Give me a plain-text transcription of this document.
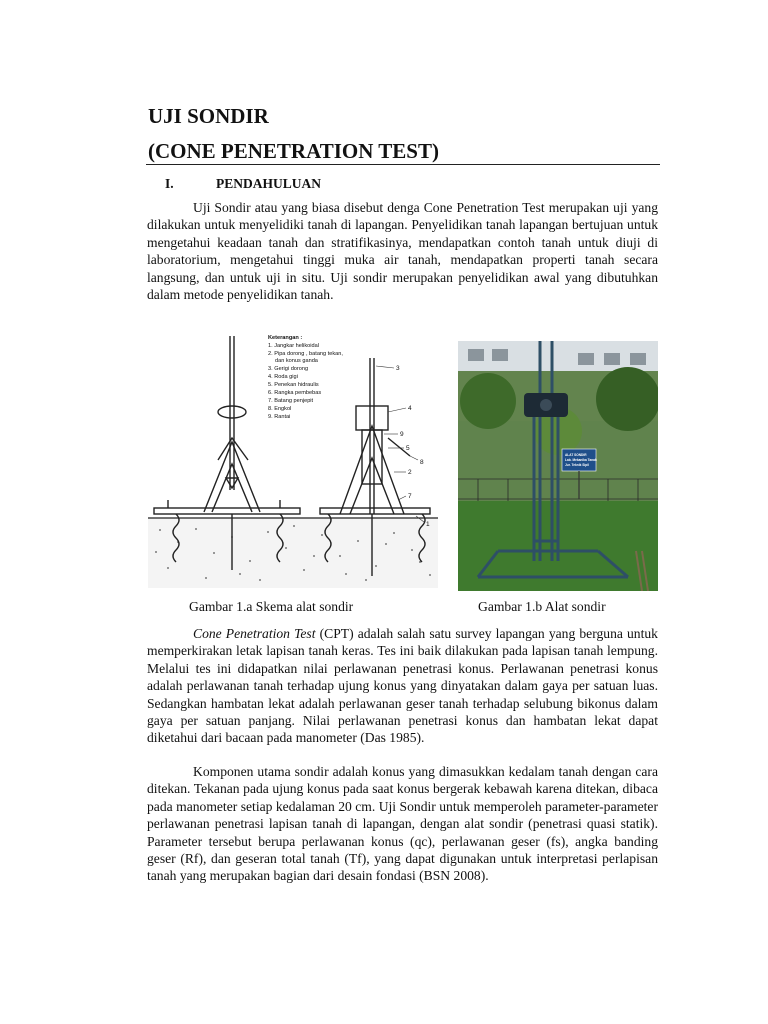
UJI SONDIR
(CONE PENETRATION TEST)
I.	PENDAHULUAN

Uji Sondir atau yang biasa disebut denga Cone Penetration Test merupakan uji yang dilakukan untuk menyelidiki tanah di lapangan. Penyelidikan tanah lapangan bertujuan untuk mengetahui keadaan tanah dan stratifikasinya, mendapatkan contoh tanah untuk diuji di laboratorium, mengetahui tinggi muka air tanah, mendapatkan properti tanah secara langsung, dan untuk uji in situ. Uji sondir merupakan penyelidikan awal yang dibutuhkan dalam metode penyelidikan tanah.

3
4
9
5
8
2
7
1
Keterangan :
1. Jangkar helikoidal
2. Pipa dorong , batang tekan,
dan konus ganda
3. Gerigi dorong
4. Roda gigi
5. Penekan hidraulis
6. Rangka pembebas
7. Batang penjepit
8. Engkol
9. Rantai
ALAT SONDIR
Lab. Mekanika Tanah
Jur. Teknik Sipil
Gambar 1.a Skema alat sondir	Gambar 1.b Alat sondir

Cone Penetration Test (CPT) adalah salah satu survey lapangan yang berguna untuk memperkirakan letak lapisan tanah keras. Tes ini baik dilakukan pada lapisan tanah lempung. Melalui tes ini didapatkan nilai perlawanan penetrasi konus. Perlawanan penetrasi konus adalah perlawanan tanah terhadap ujung konus yang dinyatakan dalam gaya per satuan luas. Sedangkan hambatan lekat adalah perlawanan geser tanah terhadap selubung bikonus dalam gaya per satuan panjang. Nilai perlawanan penetrasi konus dan hambatan lekat dapat diketahui dari bacaan pada manometer (Das 1985).

Komponen utama sondir adalah konus yang dimasukkan kedalam tanah dengan cara ditekan. Tekanan pada ujung konus pada saat konus bergerak kebawah karena ditekan, dibaca pada manometer setiap kedalaman 20 cm. Uji Sondir untuk memperoleh parameter-parameter perlawanan penetrasi lapisan tanah di lapangan, dengan alat sondir (penetrasi quasi statik). Parameter tersebut berupa perlawanan konus (qc), perlawanan geser (fs), angka banding geser (Rf), dan geseran total tanah (Tf), yang dapat digunakan untuk interpretasi perlapisan tanah yang merupakan bagian dari desain fondasi (BSN 2008).
